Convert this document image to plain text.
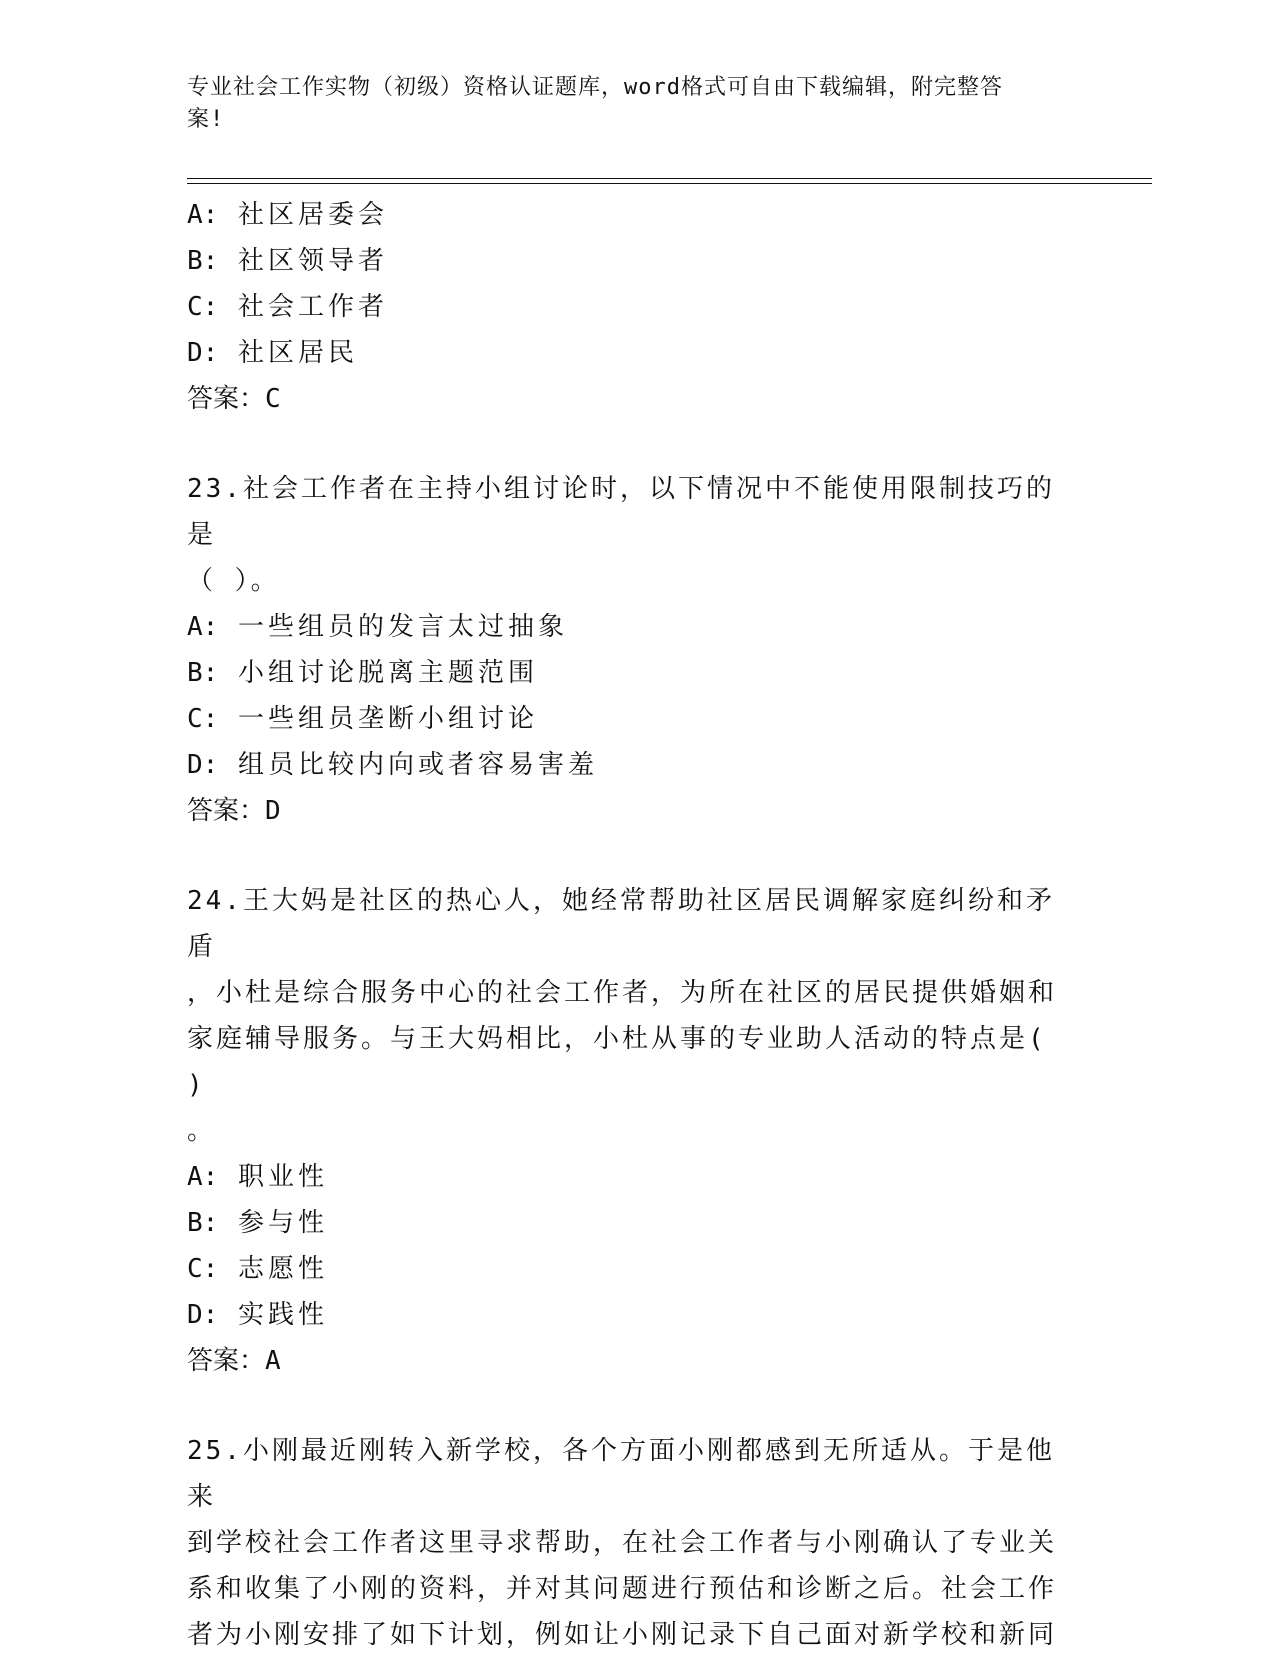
专业社会工作实物（初级）资格认证题库，word格式可自由下载编辑，附完整答
案!
A: 社区居委会
B: 社区领导者
C: 社会工作者
D: 社区居民
答案：C
23.社会工作者在主持小组讨论时，以下情况中不能使用限制技巧的是
（ ）。
A: 一些组员的发言太过抽象
B: 小组讨论脱离主题范围
C: 一些组员垄断小组讨论
D: 组员比较内向或者容易害羞
答案：D
24.王大妈是社区的热心人，她经常帮助社区居民调解家庭纠纷和矛盾
，小杜是综合服务中心的社会工作者，为所在社区的居民提供婚姻和
家庭辅导服务。与王大妈相比，小杜从事的专业助人活动的特点是( )
。
A: 职业性
B: 参与性
C: 志愿性
D: 实践性
答案：A
25.小刚最近刚转入新学校，各个方面小刚都感到无所适从。于是他来
到学校社会工作者这里寻求帮助，在社会工作者与小刚确认了专业关
系和收集了小刚的资料，并对其问题进行预估和诊断之后。社会工作
者为小刚安排了如下计划，例如让小刚记录下自己面对新学校和新同
